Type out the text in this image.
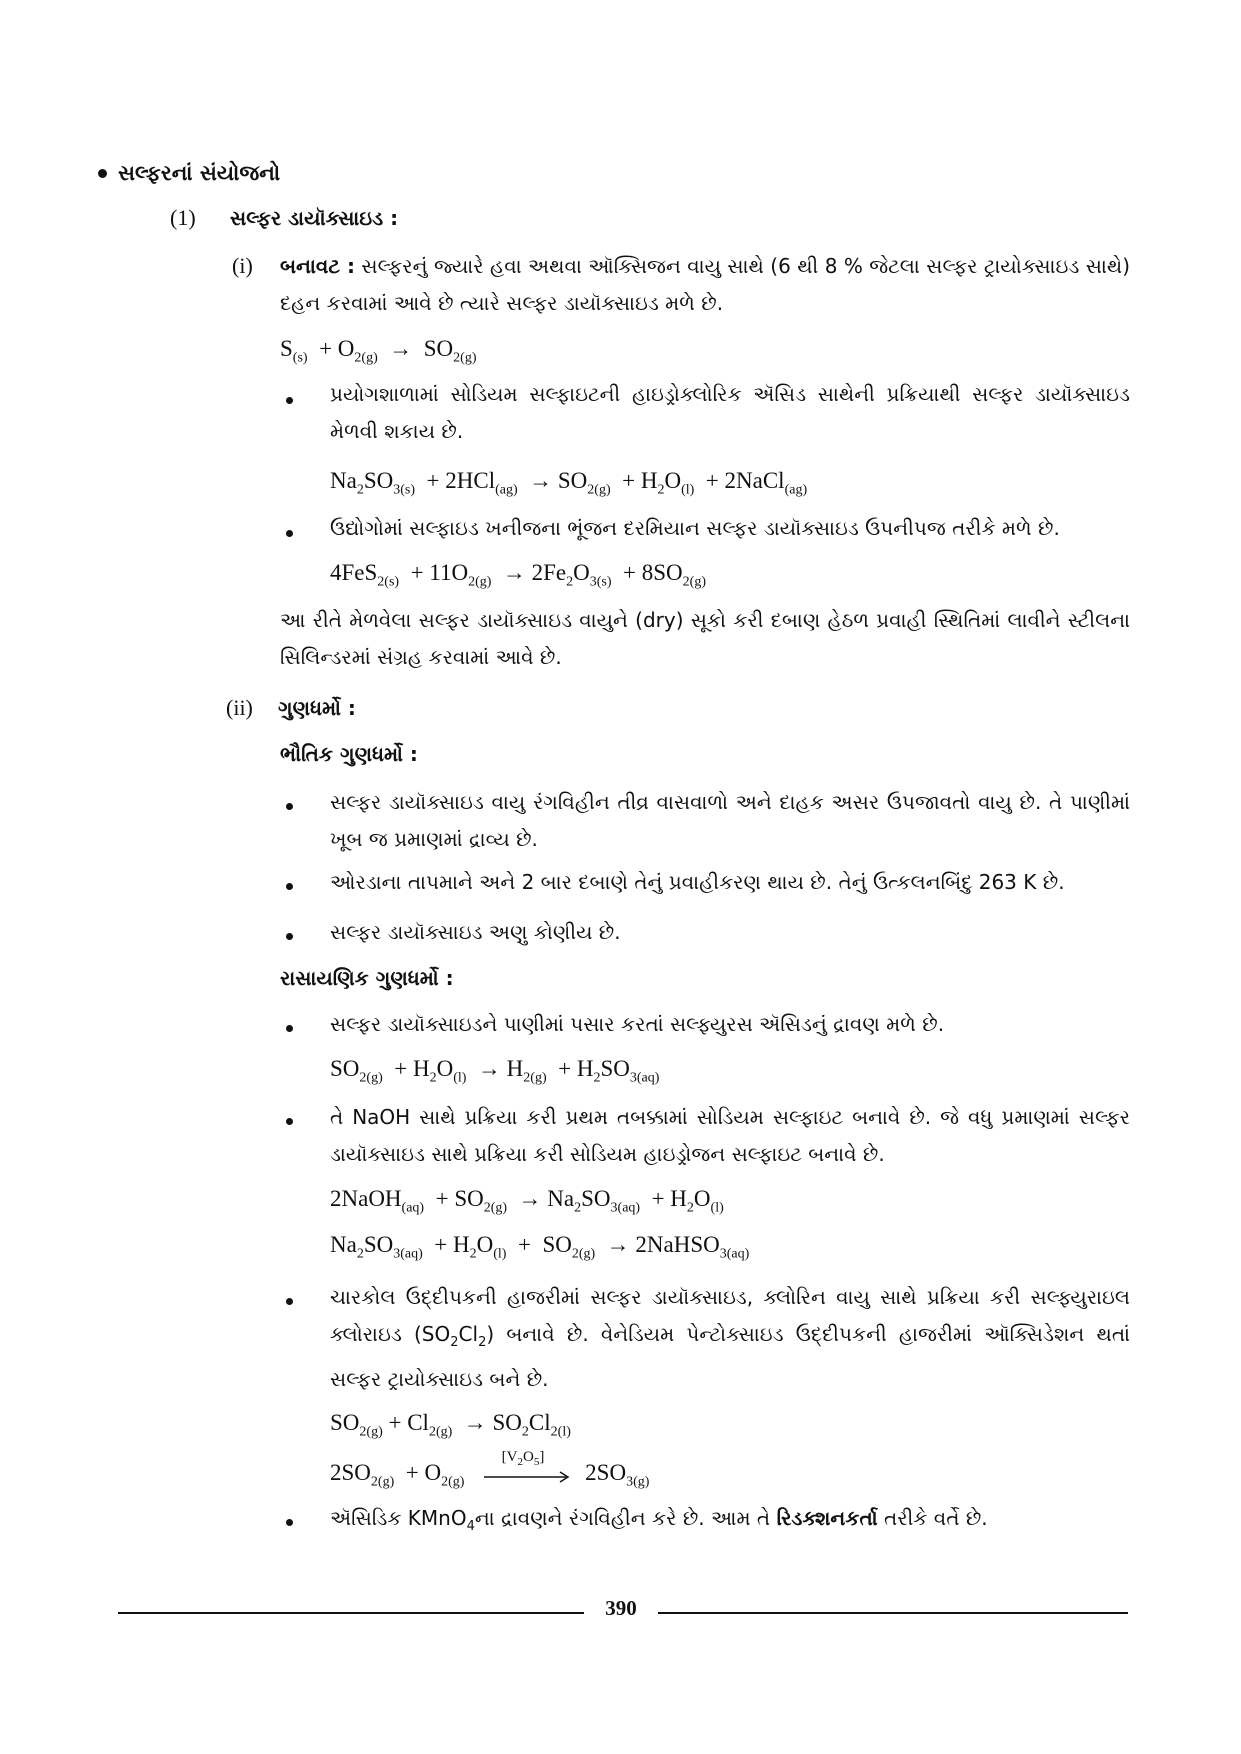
સલ્ફરનાં સંયોજનો
(1) સલ્ફર ડાયૉક્સાઇડ :
(i) બનાવટ : સલ્ફરનું જ્યારે હવા અથવા ઑક્સિજન વાયુ સાથે (6 થી 8 % જેટલા સલ્ફર ટ્રાયોક્સાઇડ સાથે) દહન કરવામાં આવે છે ત્યારે સલ્ફર ડાયૉક્સાઇડ મળે છે.
$S_{(s)} + O_{2(g)} \to SO_{2(g)}$
પ્રયોગશાળામાં સોડિયમ સલ્ફાઇટની હાઇડ્રોક્લોરિક ઍસિડ સાથેની પ્રક્રિયાથી સલ્ફર ડાયૉક્સાઇડ મેળવી શકાય છે.
$Na_2SO_{3(s)} + 2HCl_{(ag)} \to SO_{2(g)} + H_2O_{(l)}$  + 2NaCl$_{(ag)}$
ઉદ્યોગોમાં સલ્ફાઇડ ખનીજના ભૂંજન દરમિયાન સલ્ફર ડાયૉક્સાઇડ ઉપનીપજ તરીકે મળે છે.
$4FeS_{2(s)} + 11O_{2(g)} \to 2Fe_2O_{3(s)} + 8SO_{2(g)}$
આ રીતે મેળવેલા સલ્ફર ડાયૉક્સાઇડ વાયુને (dry) સૂકો કરી દબાણ હેઠળ પ્રવાહી સ્થિતિમાં લાવીને સ્ટીલના સિલિન્ડરમાં સંગ્રહ કરવામાં આવે છે.
(ii) ગુણધર્મો :
ભૌતિક ગુણધર્મો :
સલ્ફર ડાયૉક્સાઇડ વાયુ રંગવિહીન તીવ્ર વાસવાળો અને દાહક અસર ઉપજાવતો વાયુ છે. તે પાણીમાં ખૂબ જ પ્રમાણમાં દ્રાવ્ય છે.
ઓરડાના તાપમાને અને 2 બાર દબાણે તેનું પ્રવાહીકરણ થાય છે. તેનું ઉત્કલનબિંદુ 263 K છે.
સલ્ફર ડાયૉક્સાઇડ અણુ કોણીય છે.
રાસાયણિક ગુણધર્મો :
સલ્ફર ડાયૉક્સાઇડને પાણીમાં પસાર કરતાં સલ્ફ્યુરસ ઍસિડનું દ્રાવણ મળે છે.
$SO_{2(g)} + H_2O_{(l)} \to H_{2(g)} + H_2SO_{3(aq)}$
તે NaOH સાથે પ્રક્રિયા કરી પ્રથમ તબક્કામાં સોડિયમ સલ્ફાઇટ બનાવે છે. જે વધુ પ્રમાણમાં સલ્ફર ડાયૉક્સાઇડ સાથે પ્રક્રિયા કરી સોડિયમ હાઇડ્રોજન સલ્ફાઇટ બનાવે છે.
2NaOH$_{(aq)}$  + $SO_{2(g)} \to Na_2SO_{3(aq)} + H_2O_{(l)}$
$Na_2SO_{3(aq)} + H_2O_{(l)} + SO_{2(g)}$  → 2NaHSO$_{3(aq)}$
ચારકોલ ઉદ્દીપકની હાજરીમાં સલ્ફર ડાયૉક્સાઇડ, ક્લોરિન વાયુ સાથે પ્રક્રિયા કરી સલ્ફ્યુરાઇલ ક્લોરાઇડ $(SO_2Cl_2)$ બનાવે છે. વેનેડિયમ પેન્ટોક્સાઇડ ઉદ્દીપકની હાજરીમાં ઑક્સિડેશન થતાં સલ્ફર ટ્રાયોક્સાઇડ બને છે.
$SO_{2(g)} + Cl_{2(g)} \to SO_2Cl_{2(l)}$
$2SO_{2(g)} + O_{2(g)}$
$[V_2O_5]$
$2SO_{3(g)}$
ઍસિડિક KMnO$_4$ના દ્રાવણને રંગવિહીન કરે છે. આમ તે રિડક્શનકર્તા તરીકે વર્તે છે.
390
